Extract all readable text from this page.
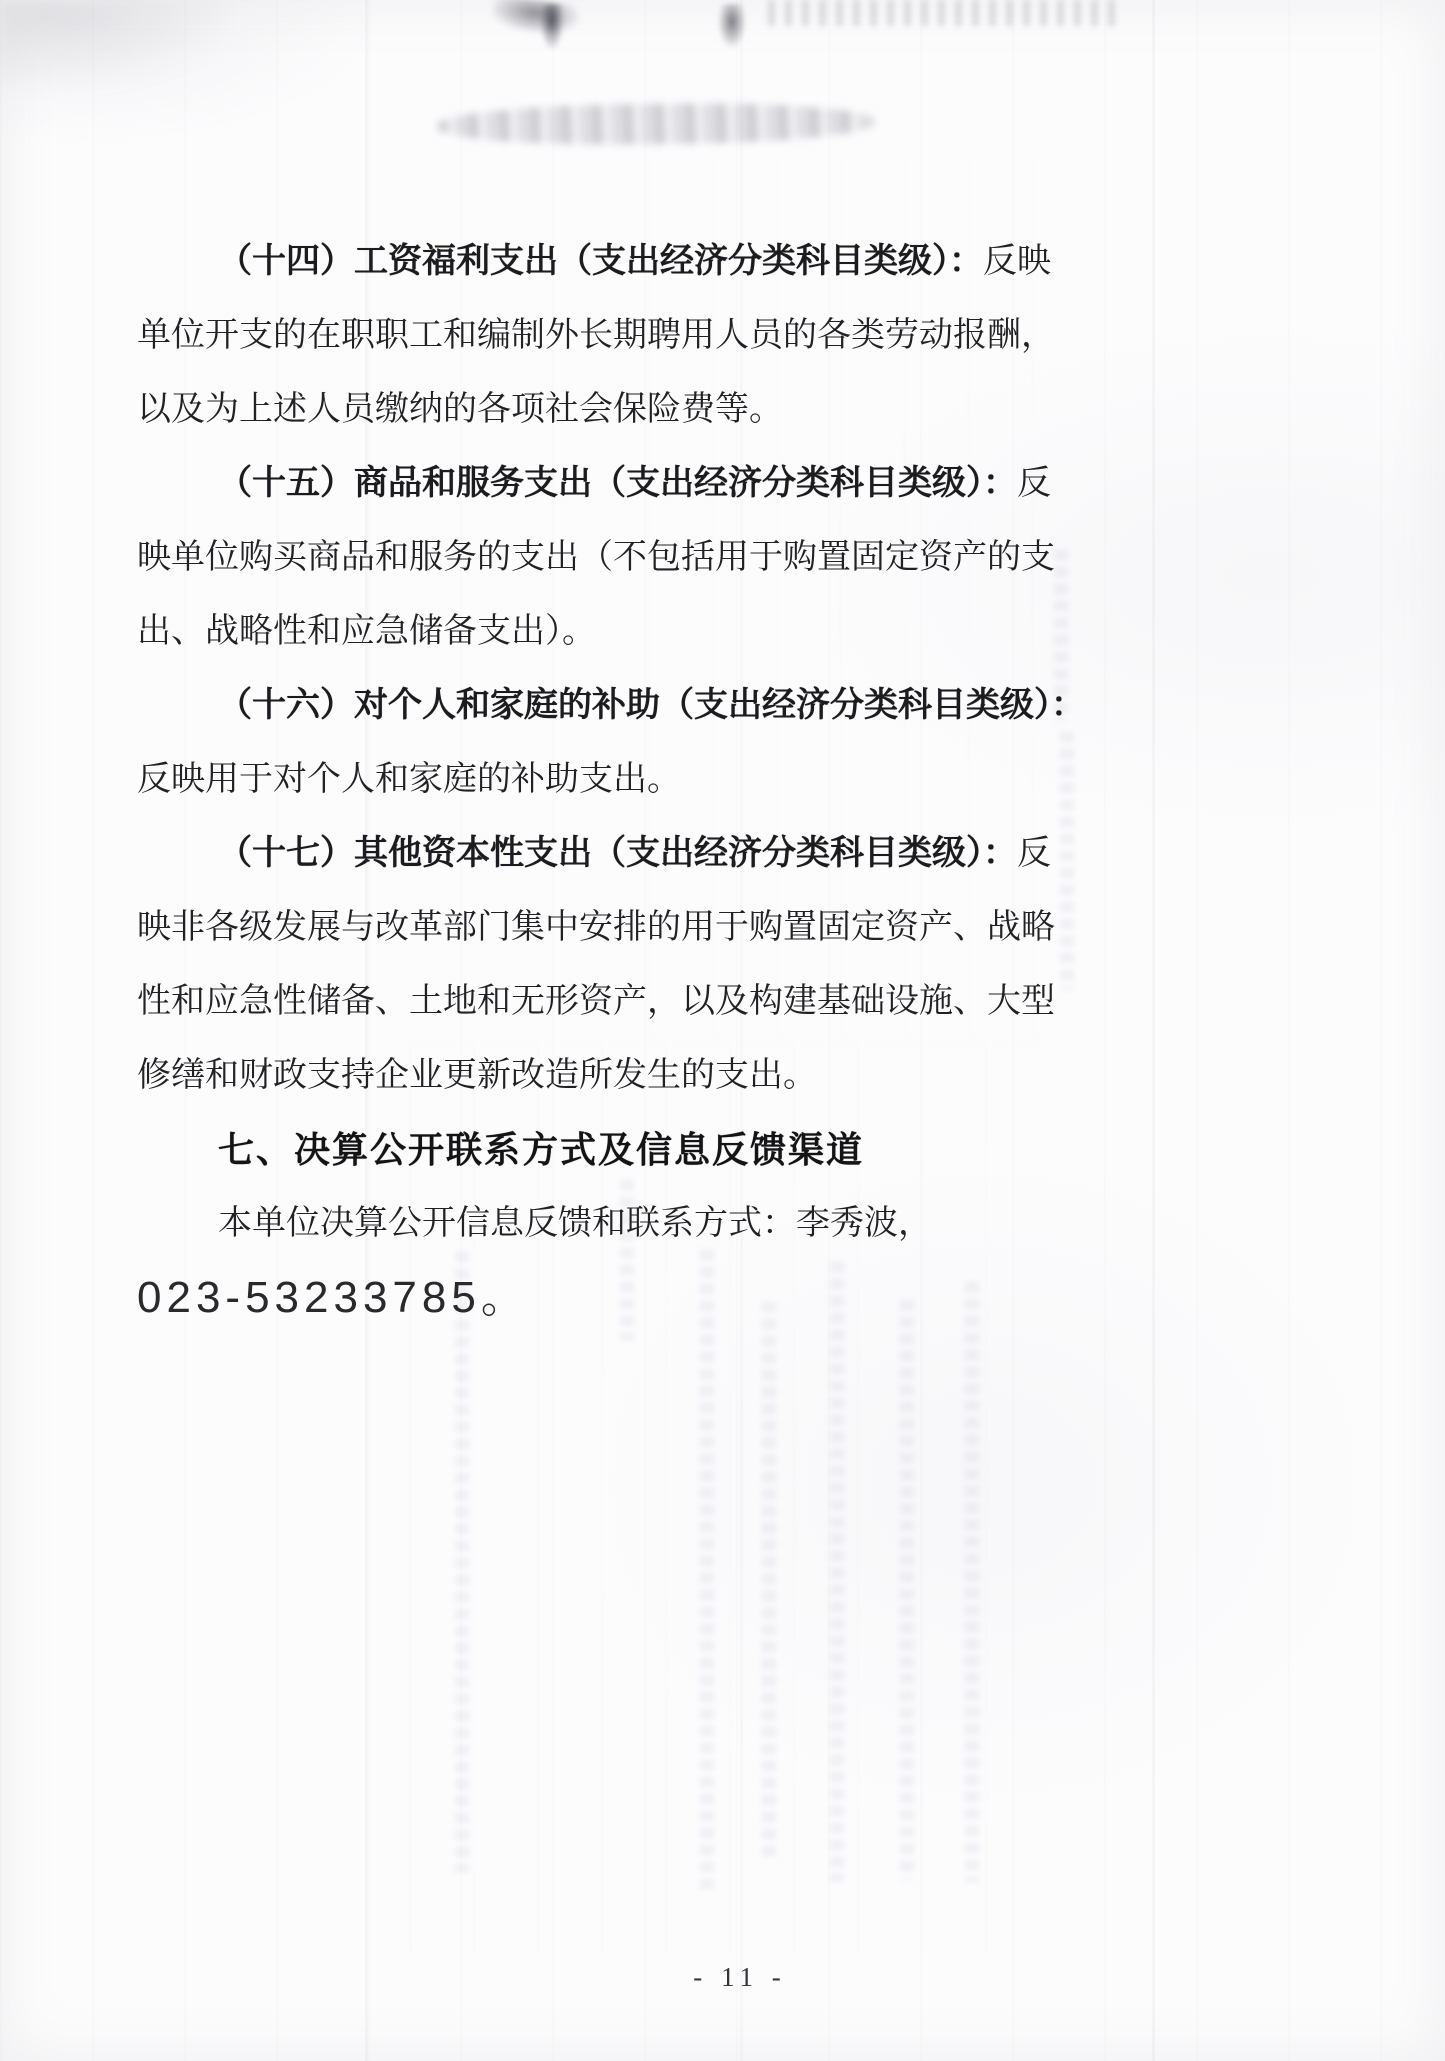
（十四）工资福利支出（支出经济分类科目类级）：反映
单位开支的在职职工和编制外长期聘用人员的各类劳动报酬，
以及为上述人员缴纳的各项社会保险费等。
（十五）商品和服务支出（支出经济分类科目类级）：反
映单位购买商品和服务的支出（不包括用于购置固定资产的支
出、战略性和应急储备支出）。
（十六）对个人和家庭的补助（支出经济分类科目类级）：
反映用于对个人和家庭的补助支出。
（十七）其他资本性支出（支出经济分类科目类级）：反
映非各级发展与改革部门集中安排的用于购置固定资产、战略
性和应急性储备、土地和无形资产，以及构建基础设施、大型
修缮和财政支持企业更新改造所发生的支出。
七、决算公开联系方式及信息反馈渠道
本单位决算公开信息反馈和联系方式：李秀波，
023-53233785。
- 11 -
